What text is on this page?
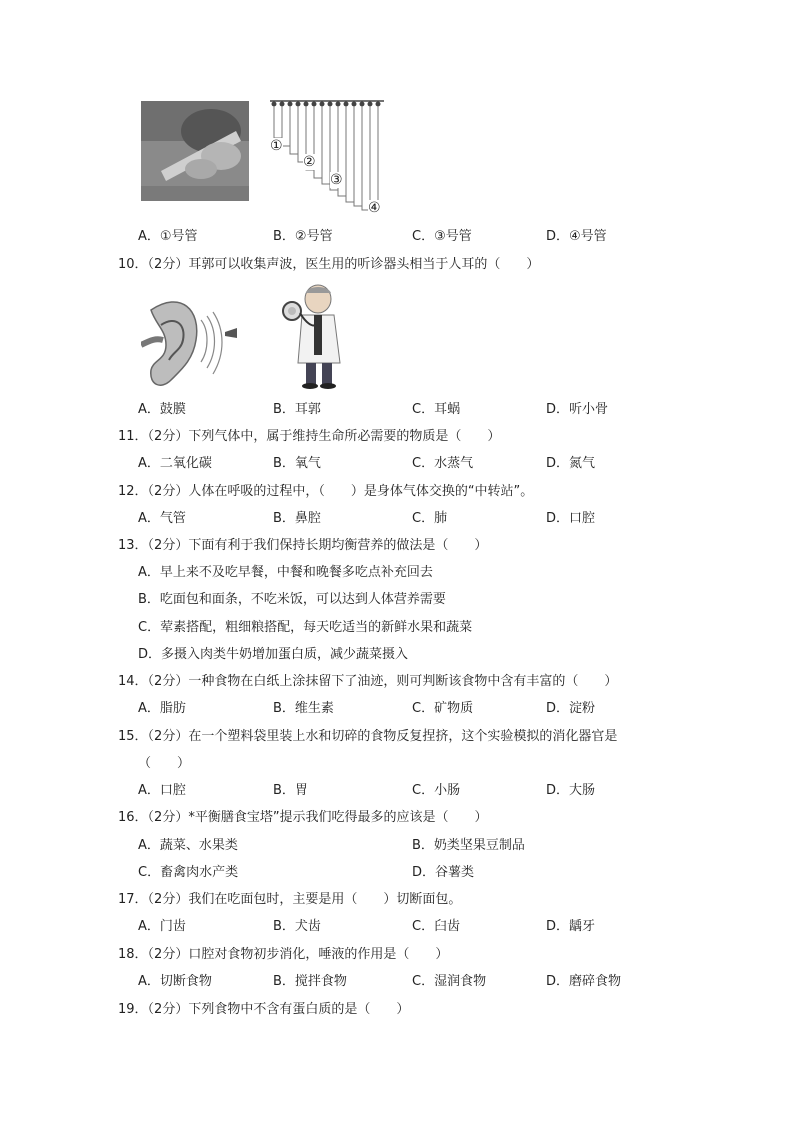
①
②
③
④
A．①号管	B．②号管	C．③号管	D．④号管
10．（2分）耳郭可以收集声波，医生用的听诊器头相当于人耳的（　　）
A．鼓膜	B．耳郭	C．耳蜗	D．听小骨
11．（2分）下列气体中，属于维持生命所必需要的物质是（　　）
A．二氧化碳	B．氧气	C．水蒸气	D．氮气
12．（2分）人体在呼吸的过程中，（　　）是身体气体交换的“中转站”。
A．气管	B．鼻腔	C．肺	D．口腔
13．（2分）下面有利于我们保持长期均衡营养的做法是（　　）
A．早上来不及吃早餐，中餐和晚餐多吃点补充回去
B．吃面包和面条，不吃米饭，可以达到人体营养需要
C．荤素搭配，粗细粮搭配，每天吃适当的新鲜水果和蔬菜
D．多摄入肉类牛奶增加蛋白质，减少蔬菜摄入
14．（2分）一种食物在白纸上涂抹留下了油迹，则可判断该食物中含有丰富的（　　）
A．脂肪	B．维生素	C．矿物质	D．淀粉
15．（2分）在一个塑料袋里装上水和切碎的食物反复捏挤，这个实验模拟的消化器官是
（　　）
A．口腔	B．胃	C．小肠	D．大肠
16．（2分）*平衡膳食宝塔”提示我们吃得最多的应该是（　　）
A．蔬菜、水果类	B．奶类坚果豆制品
C．畜禽肉水产类	D．谷薯类
17．（2分）我们在吃面包时，主要是用（　　）切断面包。
A．门齿	B．犬齿	C．臼齿	D．龋牙
18．（2分）口腔对食物初步消化，唾液的作用是（　　）
A．切断食物	B．搅拌食物	C．湿润食物	D．磨碎食物
19．（2分）下列食物中不含有蛋白质的是（　　）
